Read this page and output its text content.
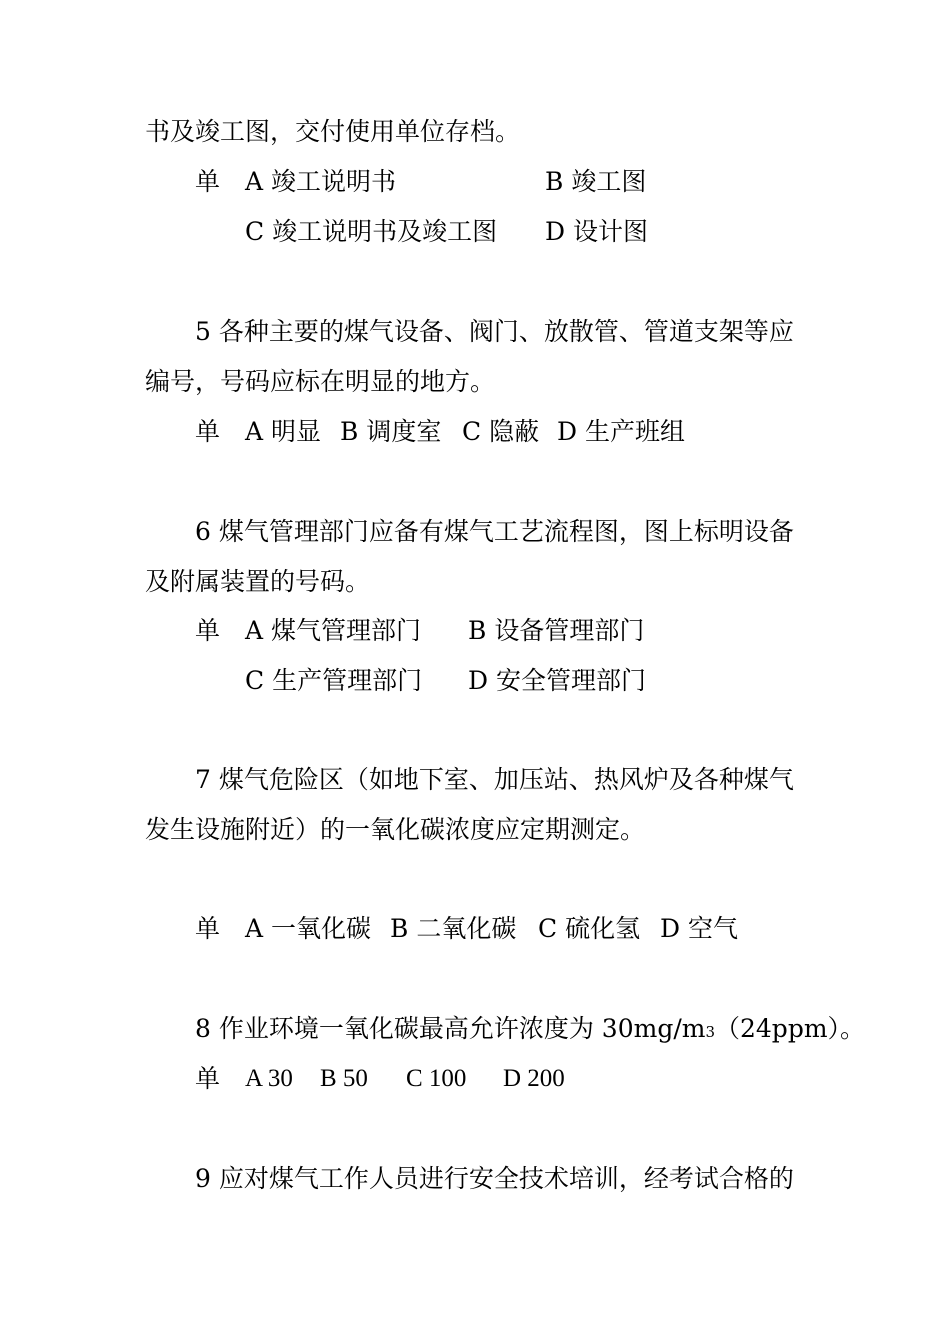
书及竣工图，交付使用单位存档。
单 A 竣工说明书	B 竣工图
C 竣工说明书及竣工图 D 设计图
5 各种主要的煤气设备、阀门、放散管、管道支架等应
编号，号码应标在明显的地方。
单 A 明显 B 调度室 C 隐蔽 D 生产班组
6 煤气管理部门应备有煤气工艺流程图，图上标明设备
及附属装置的号码。
单 A 煤气管理部门 B 设备管理部门
C 生产管理部门 D 安全管理部门
7 煤气危险区（如地下室、加压站、热风炉及各种煤气
发生设施附近）的一氧化碳浓度应定期测定。
单 A 一氧化碳 B 二氧化碳 C 硫化氢 D 空气
8 作业环境一氧化碳最高允许浓度为 30mg/m3（24ppm）。
单 A 30 B 50 C 100 D 200
9 应对煤气工作人员进行安全技术培训，经考试合格的
